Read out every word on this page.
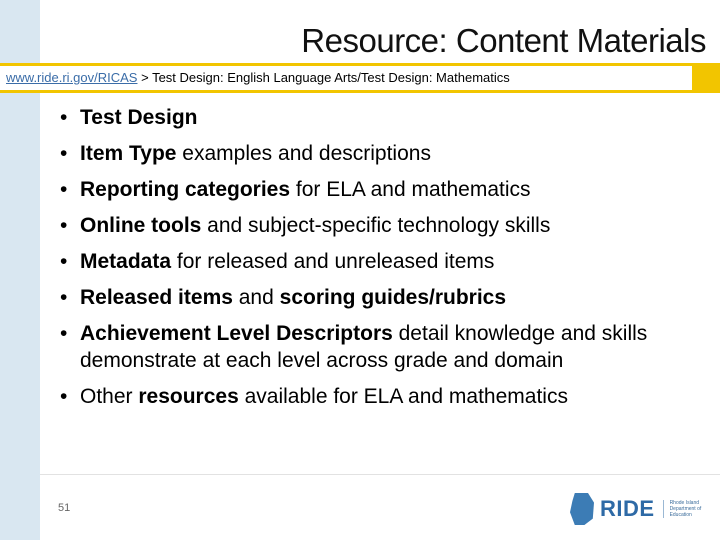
Resource: Content Materials
www.ride.ri.gov/RICAS > Test Design: English Language Arts/Test Design: Mathematics
• Test Design
• Item Type examples and descriptions
• Reporting categories for ELA and mathematics
• Online tools and subject-specific technology skills
• Metadata for released and unreleased items
• Released items and scoring guides/rubrics
• Achievement Level Descriptors detail knowledge and skills demonstrate at each level across grade and domain
• Other resources available for ELA and mathematics
51	RIDE	Rhode Island Department of Education
